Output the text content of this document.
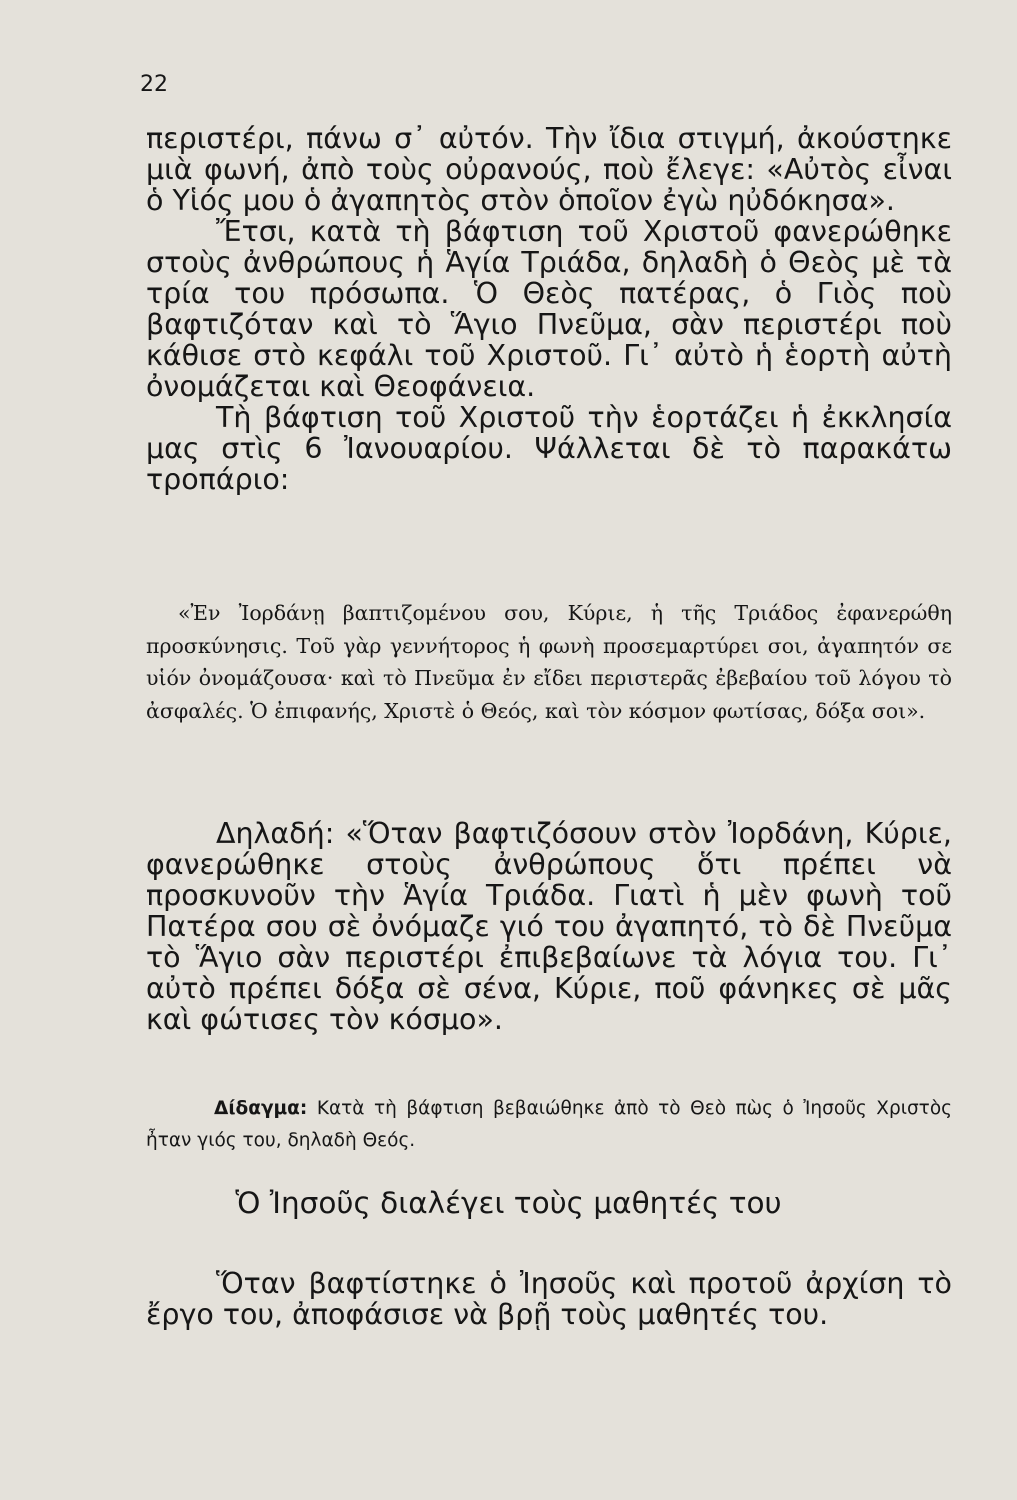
22

περιστέρι, πάνω σ᾿ αὐτόν. Τὴν ἴδια στιγμή, ἀκούστηκε μιὰ φωνή, ἀπὸ τοὺς οὐρανούς, ποὺ ἔλεγε: «Αὐτὸς εἶναι ὁ Υἱός μου ὁ ἀγαπητὸς στὸν ὁποῖον ἐγὼ ηὐδόκησα».

Ἔτσι, κατὰ τὴ βάφτιση τοῦ Χριστοῦ φανερώθηκε στοὺς ἀνθρώπους ἡ Ἁγία Τριάδα, δηλαδὴ ὁ Θεὸς μὲ τὰ τρία του πρόσωπα. Ὁ Θεὸς πατέρας, ὁ Γιὸς ποὺ βαφτιζόταν καὶ τὸ Ἅγιο Πνεῦμα, σὰν περιστέρι ποὺ κάθισε στὸ κεφάλι τοῦ Χριστοῦ. Γι᾿ αὐτὸ ἡ ἑορτὴ αὐτὴ ὀνομάζεται καὶ Θεοφάνεια.

Τὴ βάφτιση τοῦ Χριστοῦ τὴν ἑορτάζει ἡ ἐκκλησία μας στὶς 6 Ἰανουαρίου. Ψάλλεται δὲ τὸ παρακάτω τροπάριο:

«Ἐν Ἰορδάνῃ βαπτιζομένου σου, Κύριε, ἡ τῆς Τριάδος ἐφανερώθη προσκύνησις. Τοῦ γὰρ γεννήτορος ἡ φωνὴ προσεμαρτύρει σοι, ἀγαπητόν σε υἱόν ὀνομάζουσα· καὶ τὸ Πνεῦμα ἐν εἴδει περιστερᾶς ἐβεβαίου τοῦ λόγου τὸ ἀσφαλές. Ὁ ἐπιφανής, Χριστὲ ὁ Θεός, καὶ τὸν κόσμον φωτίσας, δόξα σοι».

Δηλαδή: «Ὅταν βαφτιζόσουν στὸν Ἰορδάνη, Κύριε, φανερώθηκε στοὺς ἀνθρώπους ὅτι πρέπει νὰ προσκυνοῦν τὴν Ἁγία Τριάδα. Γιατὶ ἡ μὲν φωνὴ τοῦ Πατέρα σου σὲ ὀνόμαζε γιό του ἀγαπητό, τὸ δὲ Πνεῦμα τὸ Ἅγιο σὰν περιστέρι ἐπιβεβαίωνε τὰ λόγια του. Γι᾿ αὐτὸ πρέπει δόξα σὲ σένα, Κύριε, ποῦ φάνηκες σὲ μᾶς καὶ φώτισες τὸν κόσμο».

Δίδαγμα: Κατὰ τὴ βάφτιση βεβαιώθηκε ἀπὸ τὸ Θεὸ πὼς ὁ Ἰησοῦς Χριστὸς ἦταν γιός του, δηλαδὴ Θεός.

Ὁ Ἰησοῦς διαλέγει τοὺς μαθητές του

Ὅταν βαφτίστηκε ὁ Ἰησοῦς καὶ προτοῦ ἀρχίση τὸ ἔργο του, ἀποφάσισε νὰ βρῇ τοὺς μαθητές του.
